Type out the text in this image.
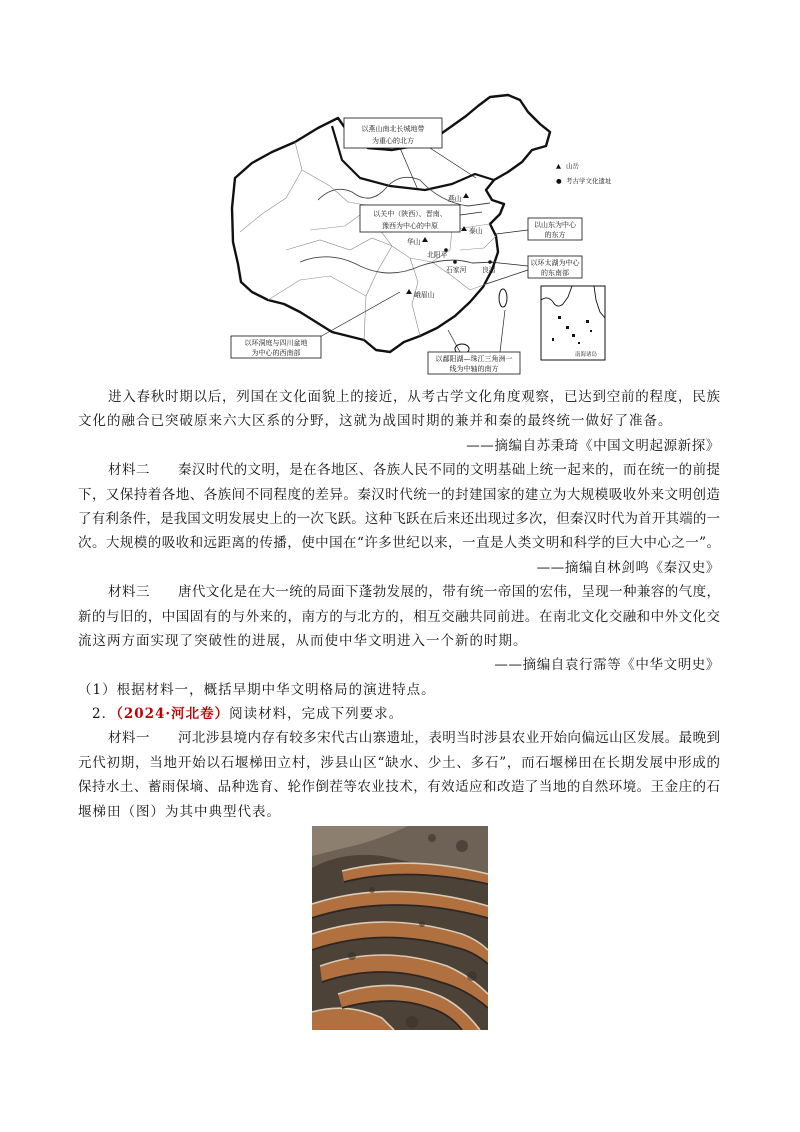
燕山
泰山
华山
北阳平
石家河 良渚
峨眉山
以燕山南北长城地带
为重心的北方
以关中（陕西）、晋南、
豫西为中心的中原	以山东为中心
的东方
以环太湖为中心
的东南部
以环洞庭与四川盆地
为中心的西南部
以鄱阳湖—珠江三角洲一
线为中轴的南方
▲ 山岳
● 考古学文化遗址
南海诸岛
进入春秋时期以后，列国在文化面貌上的接近，从考古学文化角度观察，已达到空前的程度，民族
文化的融合已突破原来六大区系的分野，这就为战国时期的兼并和秦的最终统一做好了准备。
——摘编自苏秉琦《中国文明起源新探》
材料二 秦汉时代的文明，是在各地区、各族人民不同的文明基础上统一起来的，而在统一的前提
下，又保持着各地、各族间不同程度的差异。秦汉时代统一的封建国家的建立为大规模吸收外来文明创造
了有利条件，是我国文明发展史上的一次飞跃。这种飞跃在后来还出现过多次，但秦汉时代为首开其端的一
次。大规模的吸收和远距离的传播，使中国在“许多世纪以来，一直是人类文明和科学的巨大中心之一”。
——摘编自林剑鸣《秦汉史》
材料三 唐代文化是在大一统的局面下蓬勃发展的，带有统一帝国的宏伟，呈现一种兼容的气度，
新的与旧的，中国固有的与外来的，南方的与北方的，相互交融共同前进。在南北文化交融和中外文化交
流这两方面实现了突破性的进展，从而使中华文明进入一个新的时期。
——摘编自袁行霈等《中华文明史》
（1）根据材料一，概括早期中华文明格局的演进特点。
2．（2024·河北卷）阅读材料，完成下列要求。
材料一 河北涉县境内存有较多宋代古山寨遗址，表明当时涉县农业开始向偏远山区发展。最晚到
元代初期，当地开始以石堰梯田立村，涉县山区“缺水、少土、多石”，而石堰梯田在长期发展中形成的
保持水土、蓄雨保墒、品种选育、轮作倒茬等农业技术，有效适应和改造了当地的自然环境。王金庄的石
堰梯田（图）为其中典型代表。
